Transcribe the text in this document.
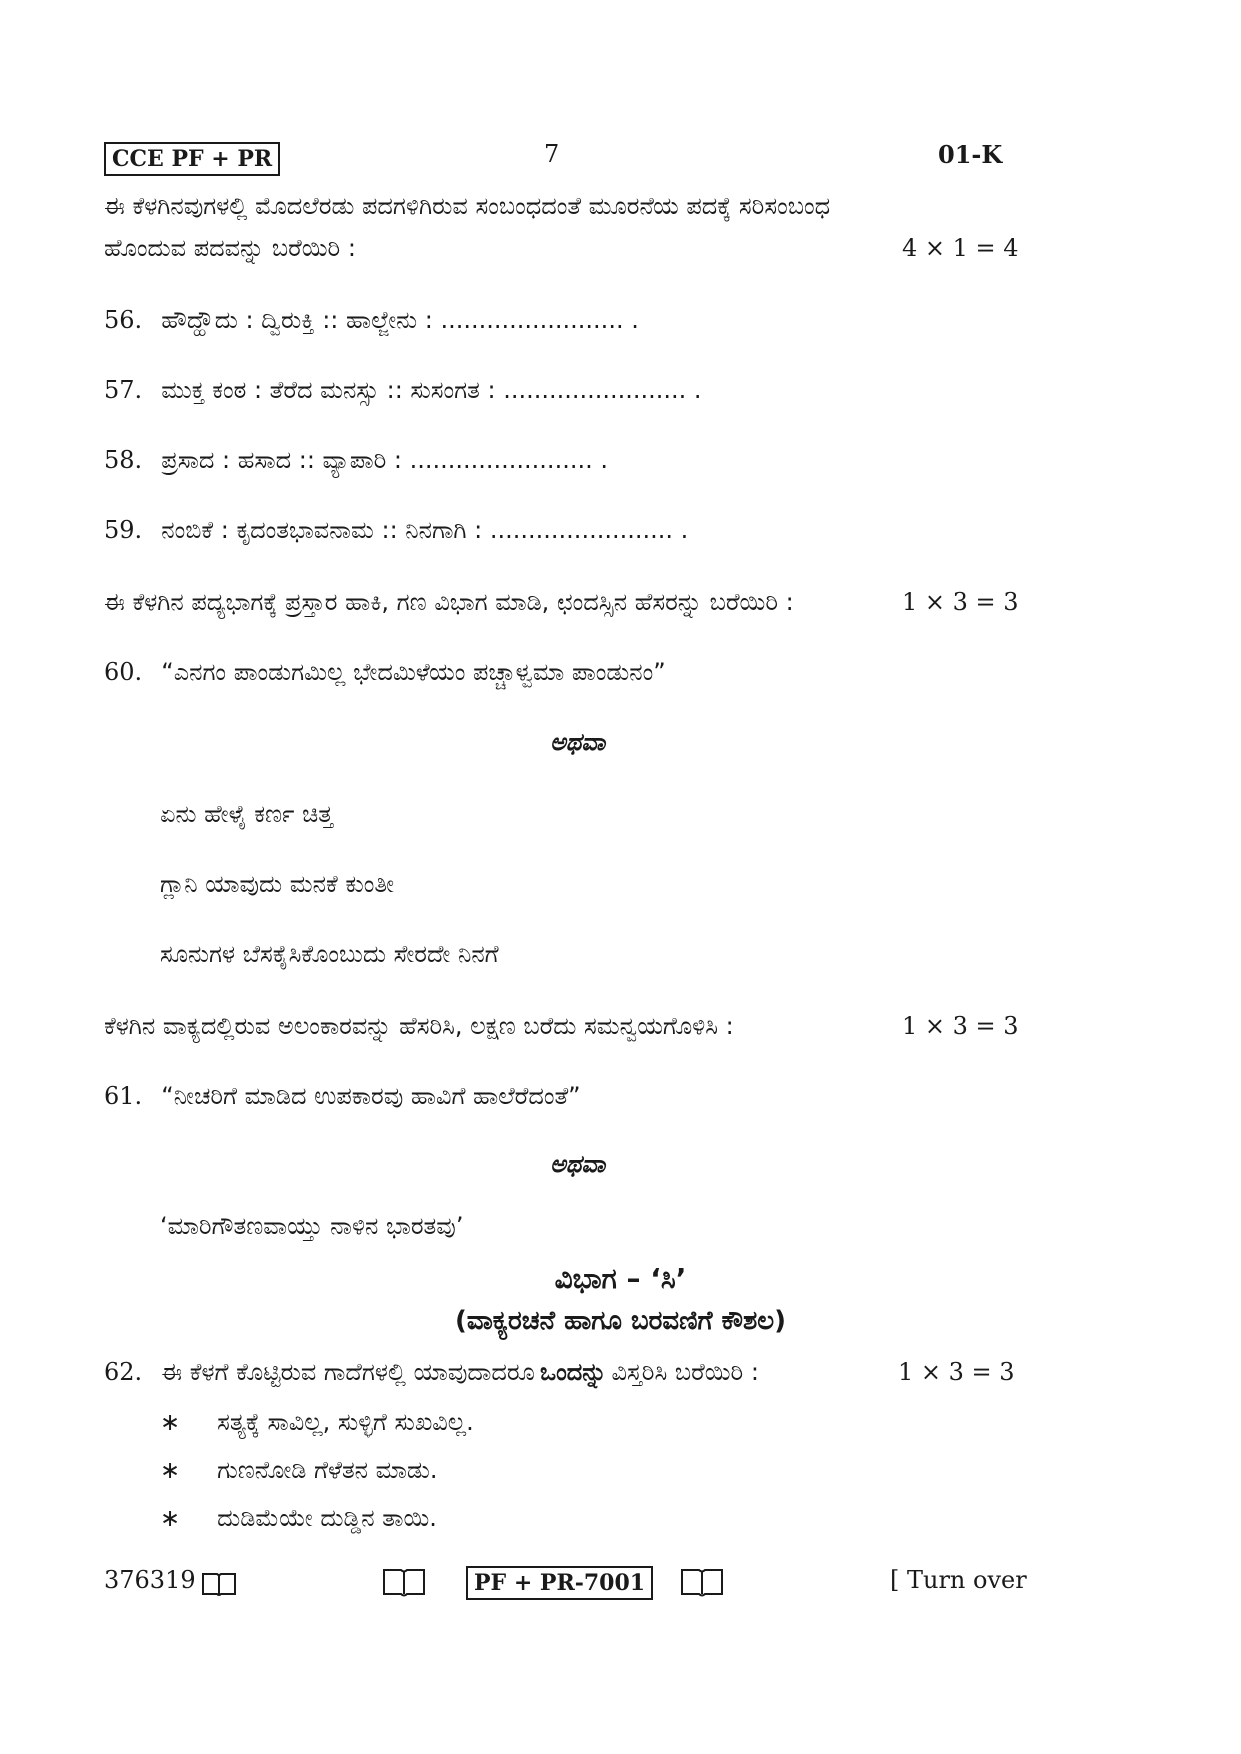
CCE PF + PR	7	01-K
ಈ ಕೆಳಗಿನವುಗಳಲ್ಲಿ ಮೊದಲೆರಡು ಪದಗಳಿಗಿರುವ ಸಂಬಂಧದಂತೆ ಮೂರನೆಯ ಪದಕ್ಕೆ ಸರಿಸಂಬಂಧ
ಹೊಂದುವ ಪದವನ್ನು ಬರೆಯಿರಿ :	4 × 1 = 4
56. ಹೌದ್ಹೌದು : ದ್ವಿರುಕ್ತಿ :: ಹಾಲ್ಜೇನು : ........................ .
57. ಮುಕ್ತ ಕಂಠ : ತೆರೆದ ಮನಸ್ಸು :: ಸುಸಂಗತ : ........................ .
58. ಪ್ರಸಾದ : ಹಸಾದ :: ವ್ಯಾಪಾರಿ : ........................ .
59. ನಂಬಿಕೆ : ಕೃದಂತಭಾವನಾಮ :: ನಿನಗಾಗಿ : ........................ .
ಈ ಕೆಳಗಿನ ಪದ್ಯಭಾಗಕ್ಕೆ ಪ್ರಸ್ತಾರ ಹಾಕಿ, ಗಣ ವಿಭಾಗ ಮಾಡಿ, ಛಂದಸ್ಸಿನ ಹೆಸರನ್ನು ಬರೆಯಿರಿ :	1 × 3 = 3
60. “ಎನಗಂ ಪಾಂಡುಗಮಿಲ್ಲ ಭೇದಮಿಳೆಯಂ ಪಚ್ಚಾಳ್ವಮಾ ಪಾಂಡುನಂ”
ಅಥವಾ
ಏನು ಹೇಳೈ ಕರ್ಣ ಚಿತ್ತ
ಗ್ಲಾನಿ ಯಾವುದು ಮನಕೆ ಕುಂತೀ
ಸೂನುಗಳ ಬೆಸಕೈಸಿಕೊಂಬುದು ಸೇರದೇ ನಿನಗೆ
ಕೆಳಗಿನ ವಾಕ್ಯದಲ್ಲಿರುವ ಅಲಂಕಾರವನ್ನು ಹೆಸರಿಸಿ, ಲಕ್ಷಣ ಬರೆದು ಸಮನ್ವಯಗೊಳಿಸಿ :	1 × 3 = 3
61. “ನೀಚರಿಗೆ ಮಾಡಿದ ಉಪಕಾರವು ಹಾವಿಗೆ ಹಾಲೆರೆದಂತೆ”
ಅಥವಾ
‘ಮಾರಿಗೌತಣವಾಯ್ತು ನಾಳಿನ ಭಾರತವು’
ವಿಭಾಗ – ‘ಸಿ’
(ವಾಕ್ಯರಚನೆ ಹಾಗೂ ಬರವಣಿಗೆ ಕೌಶಲ)
62. ಈ ಕೆಳಗೆ ಕೊಟ್ಟಿರುವ ಗಾದೆಗಳಲ್ಲಿ ಯಾವುದಾದರೂ ಒಂದನ್ನು ವಿಸ್ತರಿಸಿ ಬರೆಯಿರಿ :	1 × 3 = 3
∗ ಸತ್ಯಕ್ಕೆ ಸಾವಿಲ್ಲ, ಸುಳ್ಳಿಗೆ ಸುಖವಿಲ್ಲ.
∗ ಗುಣನೋಡಿ ಗೆಳೆತನ ಮಾಡು.
∗ ದುಡಿಮೆಯೇ ದುಡ್ಡಿನ ತಾಯಿ.
376319	PF + PR-7001	[ Turn over
